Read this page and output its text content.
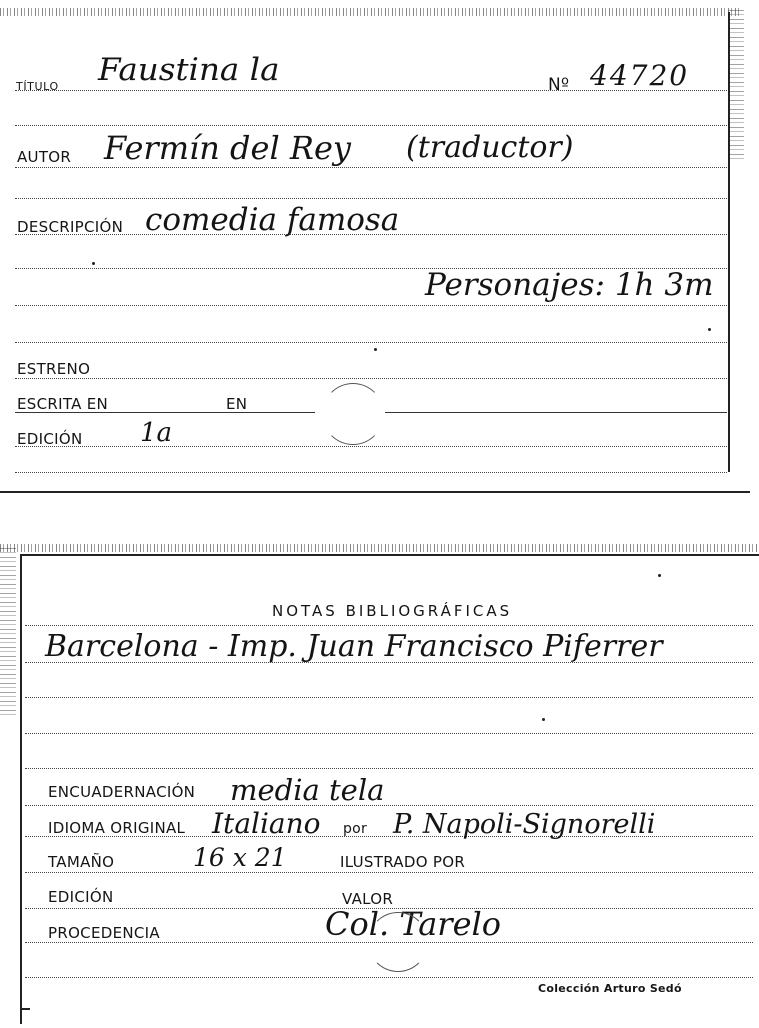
TÍTULO Faustina la	Nº 44720
AUTOR Fermín del Rey (traductor)
DESCRIPCIÓN comedia famosa
Personajes: 1h 3m
ESTRENO
ESCRITA EN	EN
EDICIÓN 1a
NOTAS BIBLIOGRÁFICAS
Barcelona - Imp. Juan Francisco Piferrer
ENCUADERNACIÓN media tela
IDIOMA ORIGINAL Italiano por P. Napoli-Signorelli
TAMAÑO	16 x 21	ILUSTRADO POR
EDICIÓN	VALOR
PROCEDENCIA	Col. Tarelo
Colección Arturo Sedó
